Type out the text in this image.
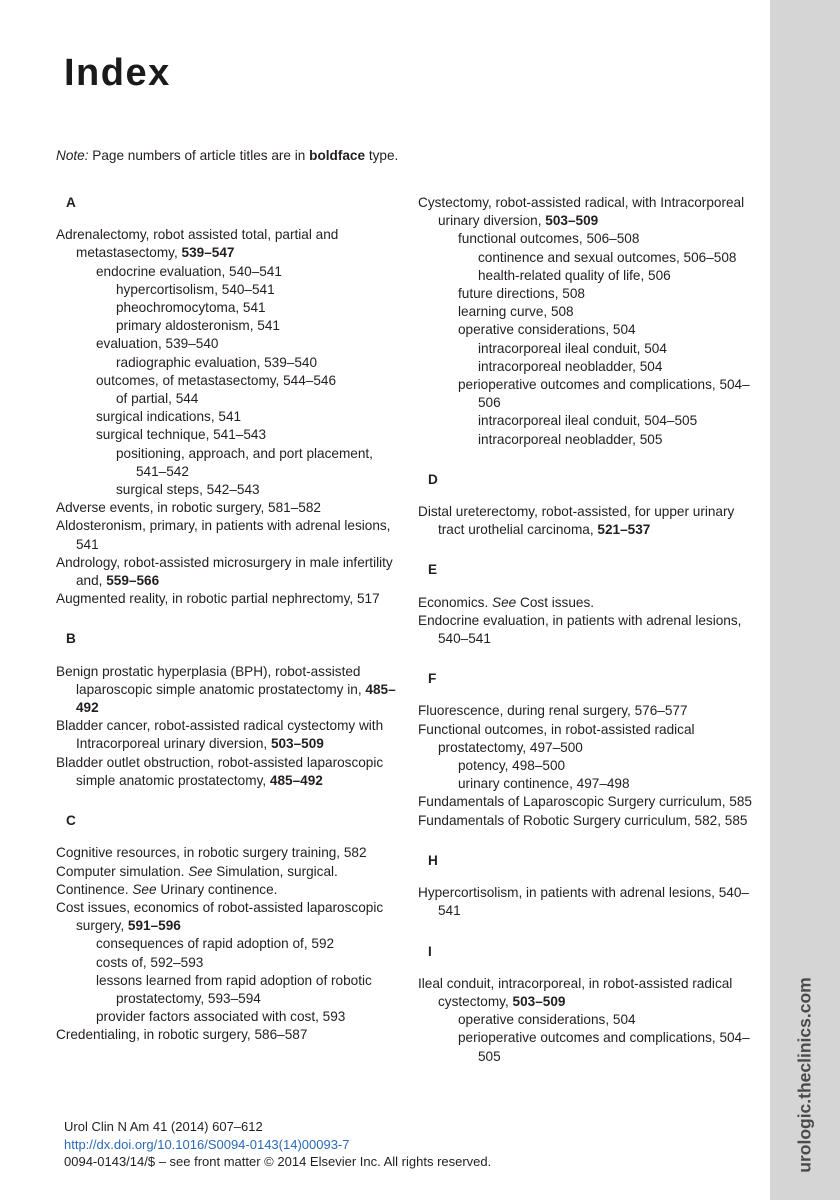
urologic.theclinics.com
Index
Note: Page numbers of article titles are in boldface type.
A
Adrenalectomy, robot assisted total, partial and metastasectomy, 539–547
endocrine evaluation, 540–541
hypercortisolism, 540–541
pheochromocytoma, 541
primary aldosteronism, 541
evaluation, 539–540
radiographic evaluation, 539–540
outcomes, of metastasectomy, 544–546
of partial, 544
surgical indications, 541
surgical technique, 541–543
positioning, approach, and port placement, 541–542
surgical steps, 542–543
Adverse events, in robotic surgery, 581–582
Aldosteronism, primary, in patients with adrenal lesions, 541
Andrology, robot-assisted microsurgery in male infertility and, 559–566
Augmented reality, in robotic partial nephrectomy, 517
B
Benign prostatic hyperplasia (BPH), robot-assisted laparoscopic simple anatomic prostatectomy in, 485–492
Bladder cancer, robot-assisted radical cystectomy with Intracorporeal urinary diversion, 503–509
Bladder outlet obstruction, robot-assisted laparoscopic simple anatomic prostatectomy, 485–492
C
Cognitive resources, in robotic surgery training, 582
Computer simulation. See Simulation, surgical.
Continence. See Urinary continence.
Cost issues, economics of robot-assisted laparoscopic surgery, 591–596
consequences of rapid adoption of, 592
costs of, 592–593
lessons learned from rapid adoption of robotic prostatectomy, 593–594
provider factors associated with cost, 593
Credentialing, in robotic surgery, 586–587
Cystectomy, robot-assisted radical, with Intracorporeal urinary diversion, 503–509
functional outcomes, 506–508
continence and sexual outcomes, 506–508
health-related quality of life, 506
future directions, 508
learning curve, 508
operative considerations, 504
intracorporeal ileal conduit, 504
intracorporeal neobladder, 504
perioperative outcomes and complications, 504–506
intracorporeal ileal conduit, 504–505
intracorporeal neobladder, 505
D
Distal ureterectomy, robot-assisted, for upper urinary tract urothelial carcinoma, 521–537
E
Economics. See Cost issues.
Endocrine evaluation, in patients with adrenal lesions, 540–541
F
Fluorescence, during renal surgery, 576–577
Functional outcomes, in robot-assisted radical prostatectomy, 497–500
potency, 498–500
urinary continence, 497–498
Fundamentals of Laparoscopic Surgery curriculum, 585
Fundamentals of Robotic Surgery curriculum, 582, 585
H
Hypercortisolism, in patients with adrenal lesions, 540–541
I
Ileal conduit, intracorporeal, in robot-assisted radical cystectomy, 503–509
operative considerations, 504
perioperative outcomes and complications, 504–505
Urol Clin N Am 41 (2014) 607–612
http://dx.doi.org/10.1016/S0094-0143(14)00093-7
0094-0143/14/$ – see front matter © 2014 Elsevier Inc. All rights reserved.
